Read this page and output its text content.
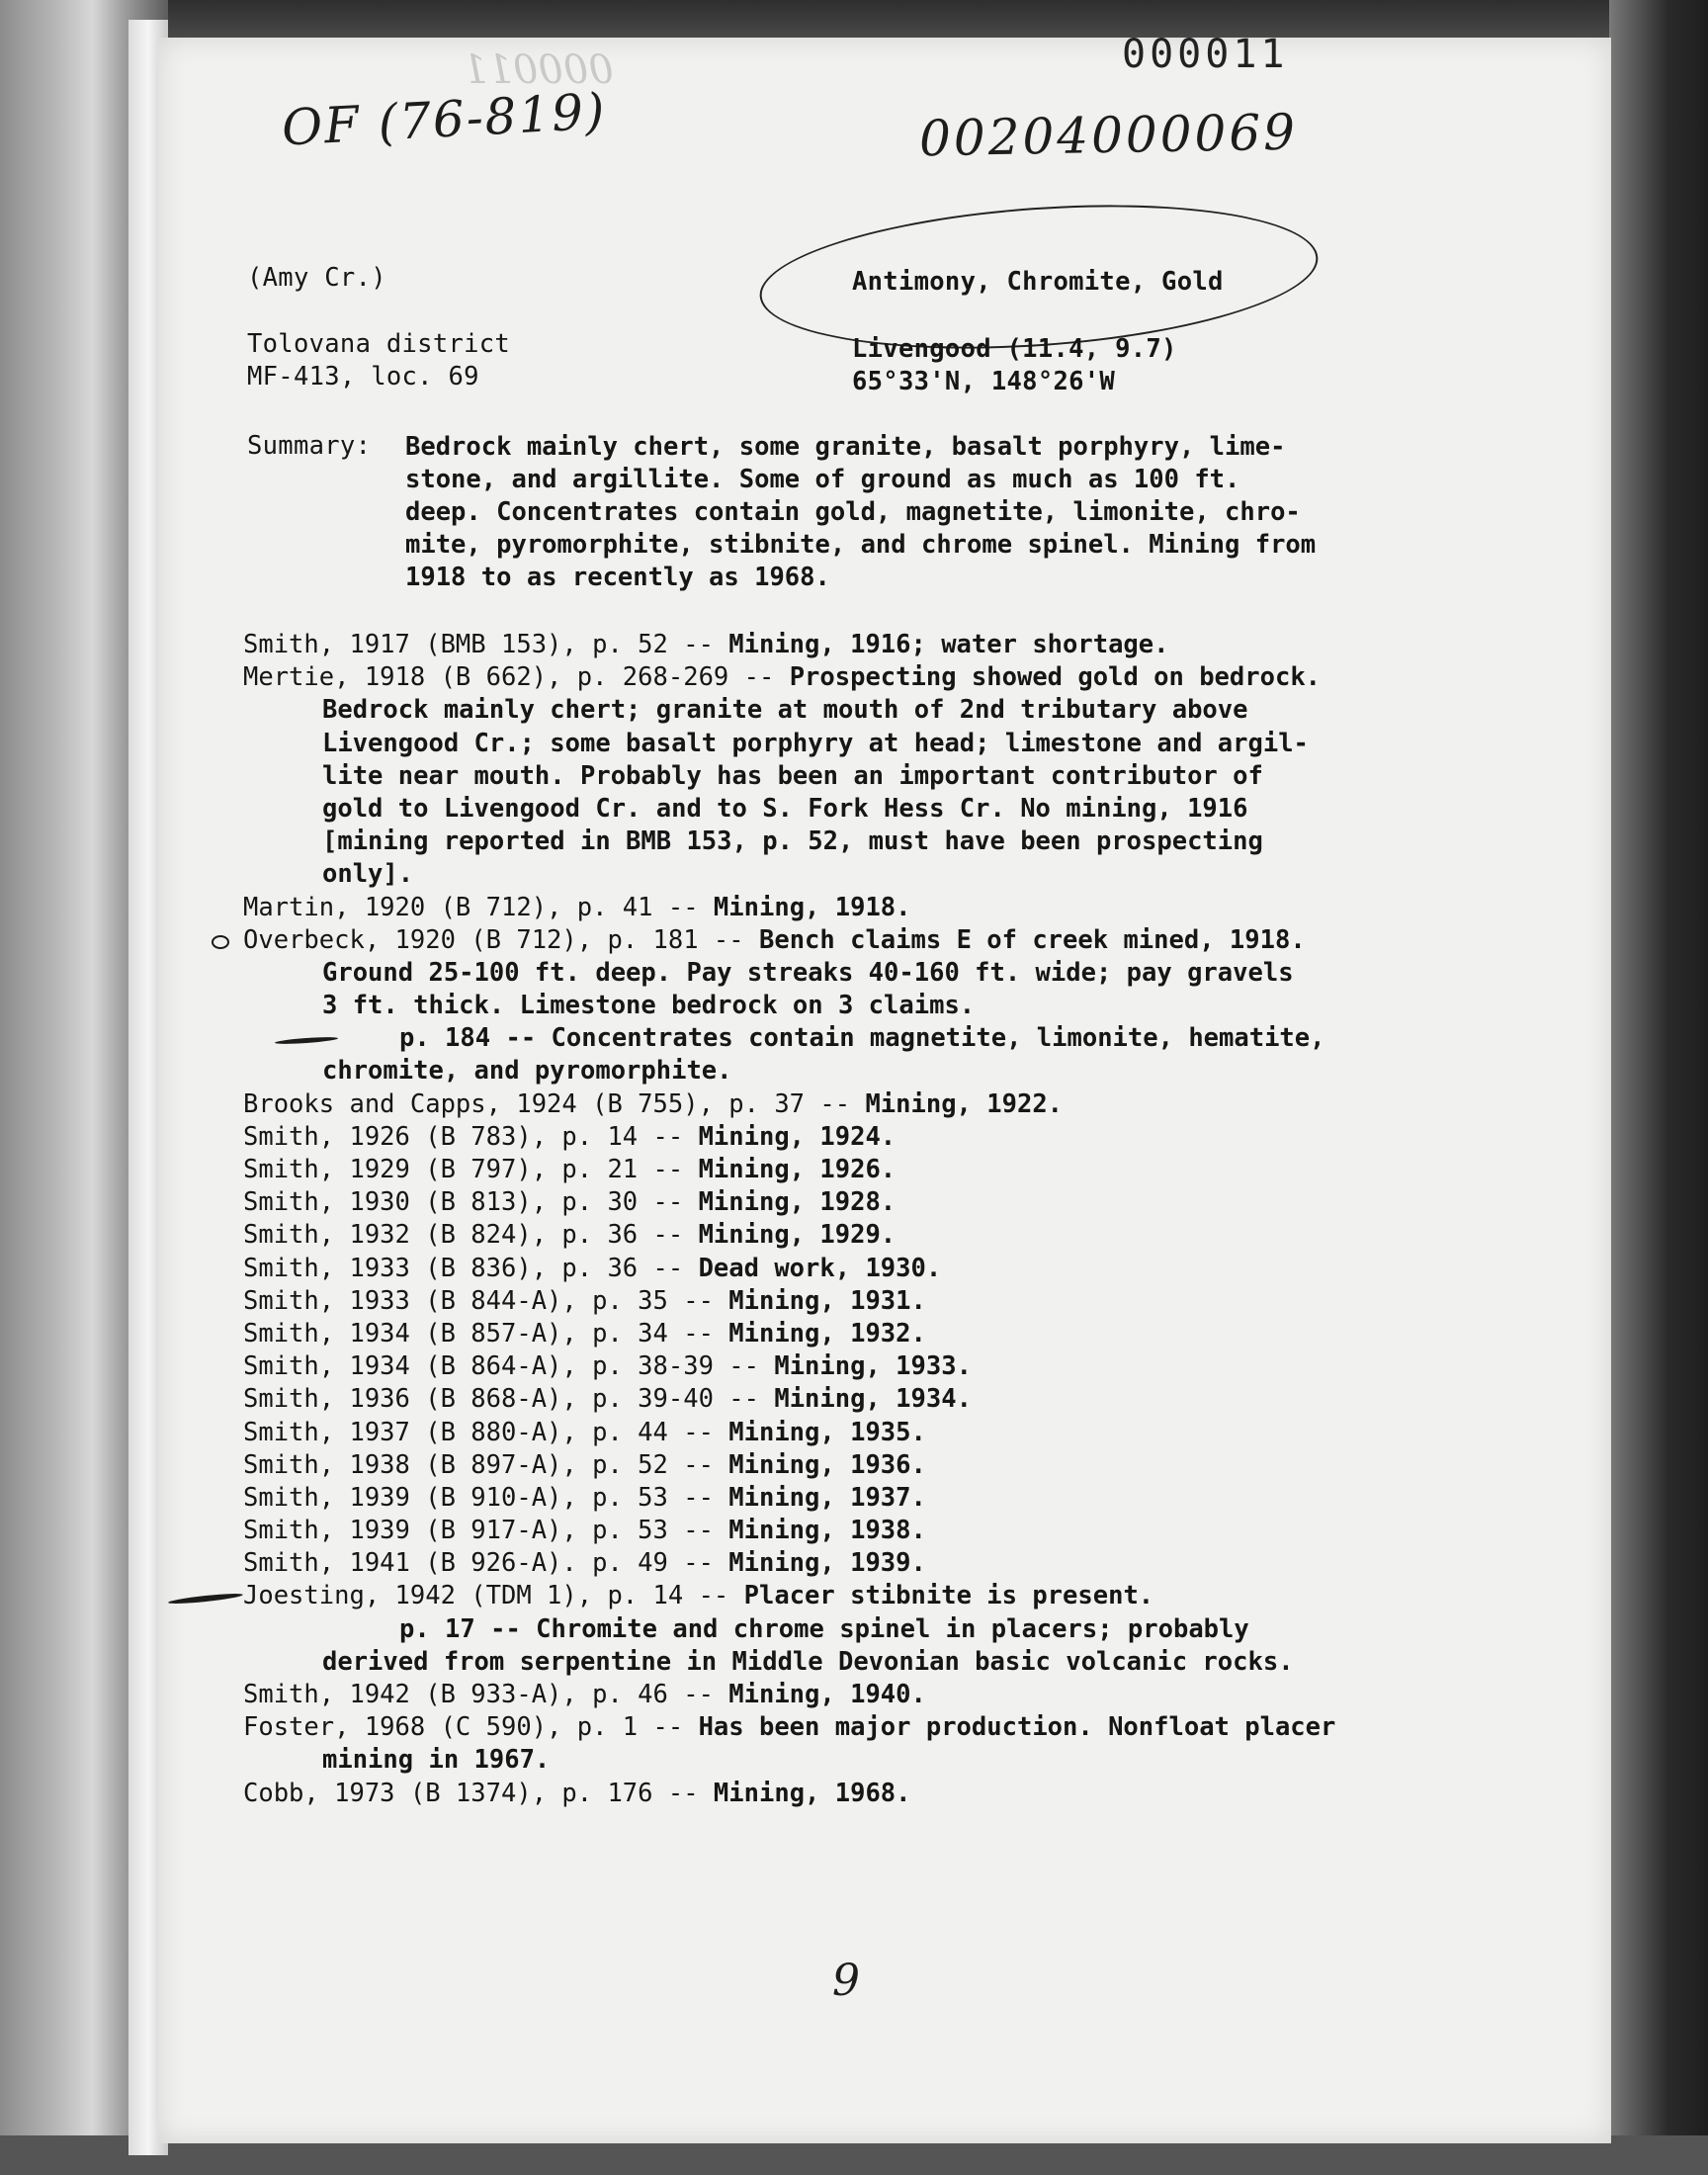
000011	000011
OF (76-819)	00204000069
(Amy Cr.)	Antimony, Chromite, Gold
Tolovana district	Livengood (11.4, 9.7)
MF-413, loc. 69	65°33'N, 148°26'W
Summary: Bedrock mainly chert, some granite, basalt porphyry, lime-
stone, and argillite. Some of ground as much as 100 ft.
deep. Concentrates contain gold, magnetite, limonite, chro-
mite, pyromorphite, stibnite, and chrome spinel. Mining from
1918 to as recently as 1968.
Smith, 1917 (BMB 153), p. 52 -- Mining, 1916; water shortage.
Mertie, 1918 (B 662), p. 268-269 -- Prospecting showed gold on bedrock.
Bedrock mainly chert; granite at mouth of 2nd tributary above
Livengood Cr.; some basalt porphyry at head; limestone and argil-
lite near mouth. Probably has been an important contributor of
gold to Livengood Cr. and to S. Fork Hess Cr. No mining, 1916
[mining reported in BMB 153, p. 52, must have been prospecting
only].
Martin, 1920 (B 712), p. 41 -- Mining, 1918.
Overbeck, 1920 (B 712), p. 181 -- Bench claims E of creek mined, 1918.
Ground 25-100 ft. deep. Pay streaks 40-160 ft. wide; pay gravels
3 ft. thick. Limestone bedrock on 3 claims.
p. 184 -- Concentrates contain magnetite, limonite, hematite,
chromite, and pyromorphite.
Brooks and Capps, 1924 (B 755), p. 37 -- Mining, 1922.
Smith, 1926 (B 783), p. 14 -- Mining, 1924.
Smith, 1929 (B 797), p. 21 -- Mining, 1926.
Smith, 1930 (B 813), p. 30 -- Mining, 1928.
Smith, 1932 (B 824), p. 36 -- Mining, 1929.
Smith, 1933 (B 836), p. 36 -- Dead work, 1930.
Smith, 1933 (B 844-A), p. 35 -- Mining, 1931.
Smith, 1934 (B 857-A), p. 34 -- Mining, 1932.
Smith, 1934 (B 864-A), p. 38-39 -- Mining, 1933.
Smith, 1936 (B 868-A), p. 39-40 -- Mining, 1934.
Smith, 1937 (B 880-A), p. 44 -- Mining, 1935.
Smith, 1938 (B 897-A), p. 52 -- Mining, 1936.
Smith, 1939 (B 910-A), p. 53 -- Mining, 1937.
Smith, 1939 (B 917-A), p. 53 -- Mining, 1938.
Smith, 1941 (B 926-A). p. 49 -- Mining, 1939.
Joesting, 1942 (TDM 1), p. 14 -- Placer stibnite is present.
p. 17 -- Chromite and chrome spinel in placers; probably
derived from serpentine in Middle Devonian basic volcanic rocks.
Smith, 1942 (B 933-A), p. 46 -- Mining, 1940.
Foster, 1968 (C 590), p. 1 -- Has been major production. Nonfloat placer
mining in 1967.
Cobb, 1973 (B 1374), p. 176 -- Mining, 1968.
9
